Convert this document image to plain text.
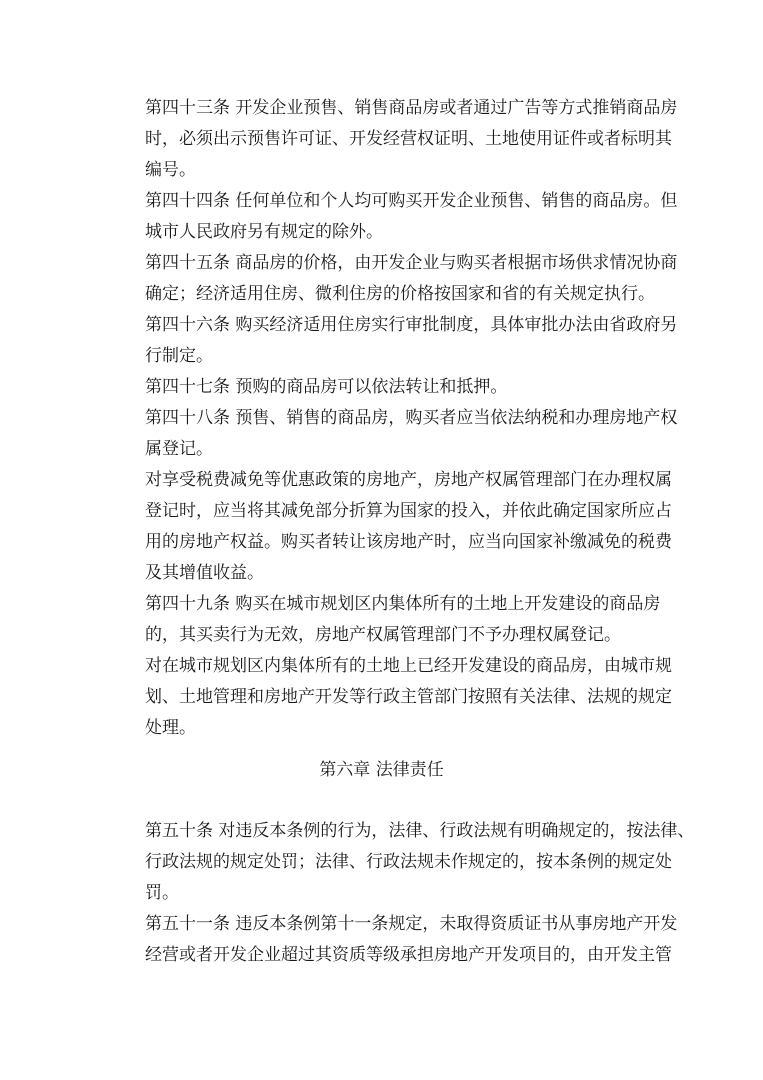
第四十三条 开发企业预售、销售商品房或者通过广告等方式推销商品房
时，必须出示预售许可证、开发经营权证明、土地使用证件或者标明其
编号。
第四十四条 任何单位和个人均可购买开发企业预售、销售的商品房。但
城市人民政府另有规定的除外。
第四十五条 商品房的价格，由开发企业与购买者根据市场供求情况协商
确定；经济适用住房、微利住房的价格按国家和省的有关规定执行。
第四十六条 购买经济适用住房实行审批制度，具体审批办法由省政府另
行制定。
第四十七条 预购的商品房可以依法转让和抵押。
第四十八条 预售、销售的商品房，购买者应当依法纳税和办理房地产权
属登记。
对享受税费减免等优惠政策的房地产，房地产权属管理部门在办理权属
登记时，应当将其减免部分折算为国家的投入，并依此确定国家所应占
用的房地产权益。购买者转让该房地产时，应当向国家补缴减免的税费
及其增值收益。
第四十九条 购买在城市规划区内集体所有的土地上开发建设的商品房
的，其买卖行为无效，房地产权属管理部门不予办理权属登记。
对在城市规划区内集体所有的土地上已经开发建设的商品房，由城市规
划、土地管理和房地产开发等行政主管部门按照有关法律、法规的规定
处理。
第六章 法律责任
第五十条 对违反本条例的行为，法律、行政法规有明确规定的，按法律、
行政法规的规定处罚；法律、行政法规未作规定的，按本条例的规定处
罚。
第五十一条 违反本条例第十一条规定，未取得资质证书从事房地产开发
经营或者开发企业超过其资质等级承担房地产开发项目的，由开发主管
